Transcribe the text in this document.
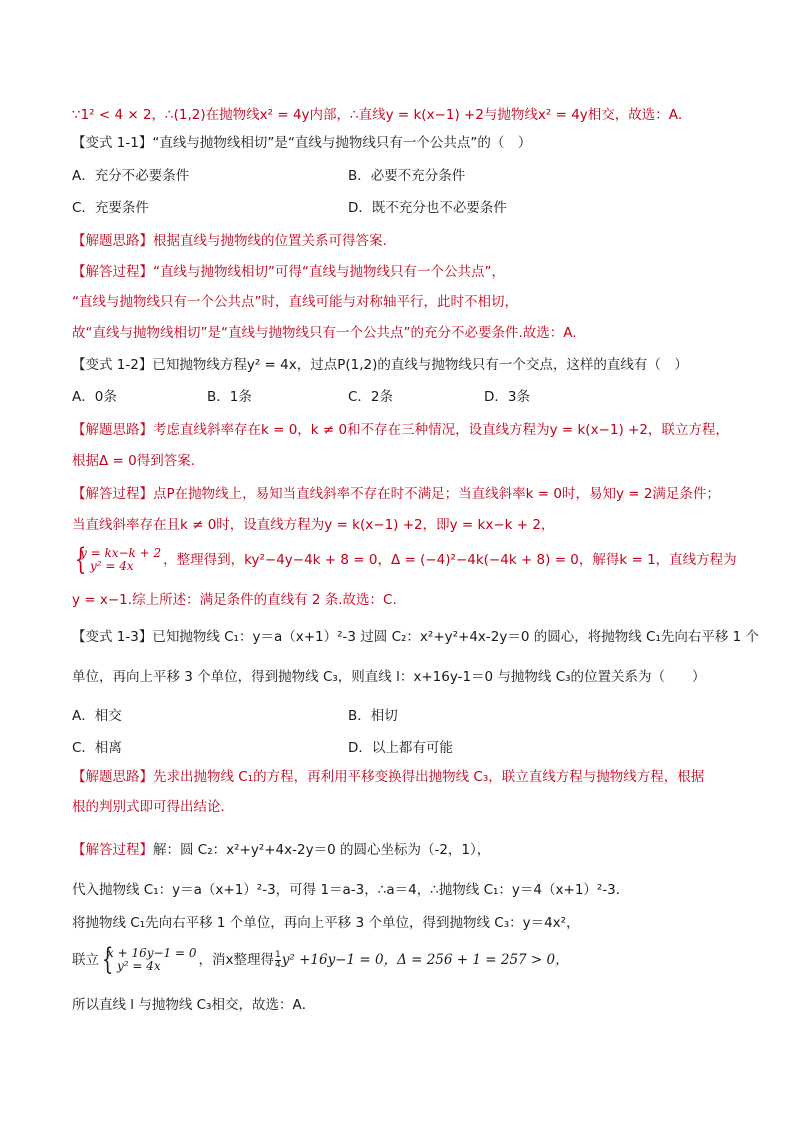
∵1² < 4 × 2，∴(1,2)在抛物线x² = 4y内部，∴直线y = k(x−1) +2与抛物线x² = 4y相交，故选：A．
【变式 1-1】“直线与抛物线相切”是“直线与抛物线只有一个公共点”的（　）
A．充分不必要条件	B．必要不充分条件
C．充要条件	D．既不充分也不必要条件
【解题思路】根据直线与抛物线的位置关系可得答案.
【解答过程】“直线与抛物线相切”可得“直线与抛物线只有一个公共点”，
“直线与抛物线只有一个公共点”时，直线可能与对称轴平行，此时不相切，
故“直线与抛物线相切”是“直线与抛物线只有一个公共点”的充分不必要条件.故选：A.
【变式 1-2】已知抛物线方程y² = 4x，过点P(1,2)的直线与抛物线只有一个交点，这样的直线有（　）
A．0条	B．1条	C．2条	D．3条
【解题思路】考虑直线斜率存在k = 0，k ≠ 0和不存在三种情况，设直线方程为y = k(x−1) +2，联立方程，
根据Δ = 0得到答案.
【解答过程】点P在抛物线上，易知当直线斜率不存在时不满足；当直线斜率k = 0时，易知y = 2满足条件；
当直线斜率存在且k ≠ 0时，设直线方程为y = k(x−1) +2，即y = kx−k + 2，
{
y = kx−k + 2
y² = 4x	，整理得到，ky²−4y−4k + 8 = 0，Δ = (−4)²−4k(−4k + 8) = 0，解得k = 1，直线方程为
y = x−1.综上所述：满足条件的直线有 2 条.故选：C.
【变式 1-3】已知抛物线 C₁：y＝a（x+1）²-3 过圆 C₂：x²+y²+4x-2y＝0 的圆心，将抛物线 C₁先向右平移 1 个
单位，再向上平移 3 个单位，得到抛物线 C₃，则直线 l：x+16y-1＝0 与抛物线 C₃的位置关系为（　　）
A．相交	B．相切
C．相离	D．以上都有可能
【解题思路】先求出抛物线 C₁的方程，再利用平移变换得出抛物线 C₃，联立直线方程与抛物线方程，根据
根的判别式即可得出结论．
【解答过程】解：圆 C₂：x²+y²+4x-2y＝0 的圆心坐标为（-2，1），
代入抛物线 C₁：y＝a（x+1）²-3，可得 1＝a-3，∴a＝4，∴抛物线 C₁：y＝4（x+1）²-3．
将抛物线 C₁先向右平移 1 个单位，再向上平移 3 个单位，得到抛物线 C₃：y＝4x²，
联立 {
x + 16y−1 = 0
y² = 4x	，消x整理得 $\frac{1}{4} y^2 +16y-1 = 0$，Δ = 256 + 1 = 257 > 0，
所以直线 l 与抛物线 C₃相交，故选：A．
